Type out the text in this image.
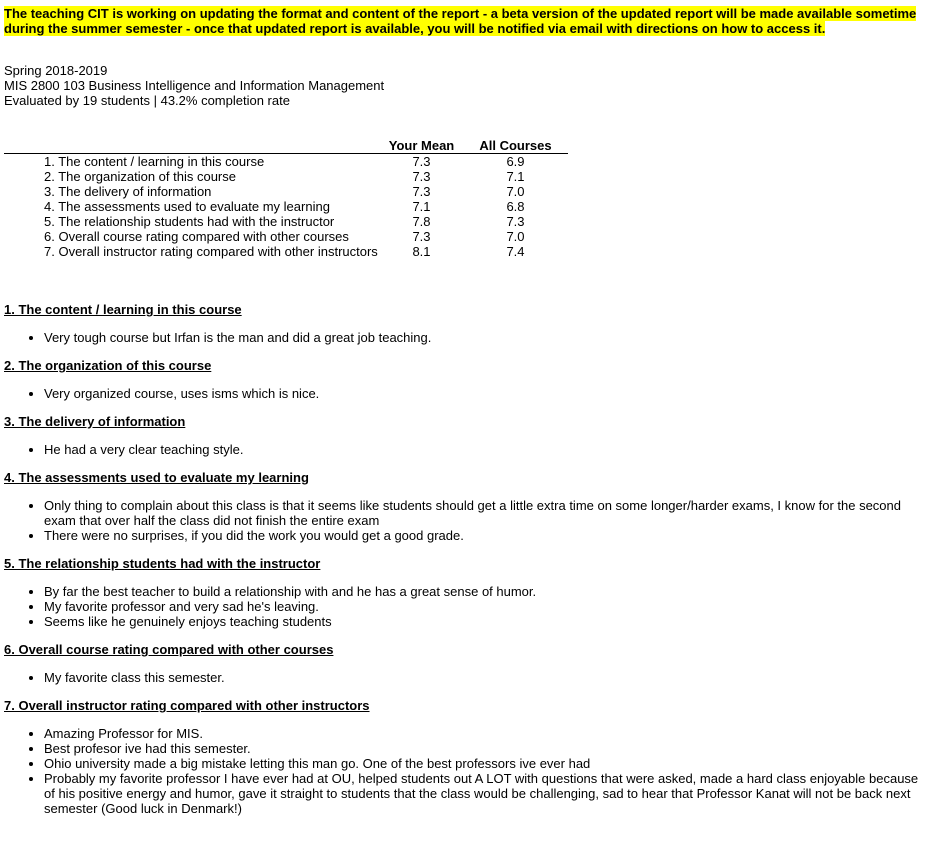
The teaching CIT is working on updating the format and content of the report - a beta version of the updated report will be made available sometime during the summer semester - once that updated report is available, you will be notified via email with directions on how to access it.

Spring 2018-2019
MIS 2800 103 Business Intelligence and Information Management
Evaluated by 19 students | 43.2% completion rate
	Your Mean	All Courses
1. The content / learning in this course	7.3	6.9
2. The organization of this course	7.3	7.1
3. The delivery of information	7.3	7.0
4. The assessments used to evaluate my learning	7.1	6.8
5. The relationship students had with the instructor	7.8	7.3
6. Overall course rating compared with other courses	7.3	7.0
7. Overall instructor rating compared with other instructors	8.1	7.4
1. The content / learning in this course
• Very tough course but Irfan is the man and did a great job teaching.
2. The organization of this course
• Very organized course, uses isms which is nice.
3. The delivery of information
• He had a very clear teaching style.
4. The assessments used to evaluate my learning
• Only thing to complain about this class is that it seems like students should get a little extra time on some longer/harder exams, I know for the second exam that over half the class did not finish the entire exam
• There were no surprises, if you did the work you would get a good grade.
5. The relationship students had with the instructor
• By far the best teacher to build a relationship with and he has a great sense of humor.
• My favorite professor and very sad he's leaving.
• Seems like he genuinely enjoys teaching students
6. Overall course rating compared with other courses
• My favorite class this semester.
7. Overall instructor rating compared with other instructors
• Amazing Professor for MIS.
• Best profesor ive had this semester.
• Ohio university made a big mistake letting this man go. One of the best professors ive ever had
• Probably my favorite professor I have ever had at OU, helped students out A LOT with questions that were asked, made a hard class enjoyable because of his positive energy and humor, gave it straight to students that the class would be challenging, sad to hear that Professor Kanat will not be back next semester (Good luck in Denmark!)
